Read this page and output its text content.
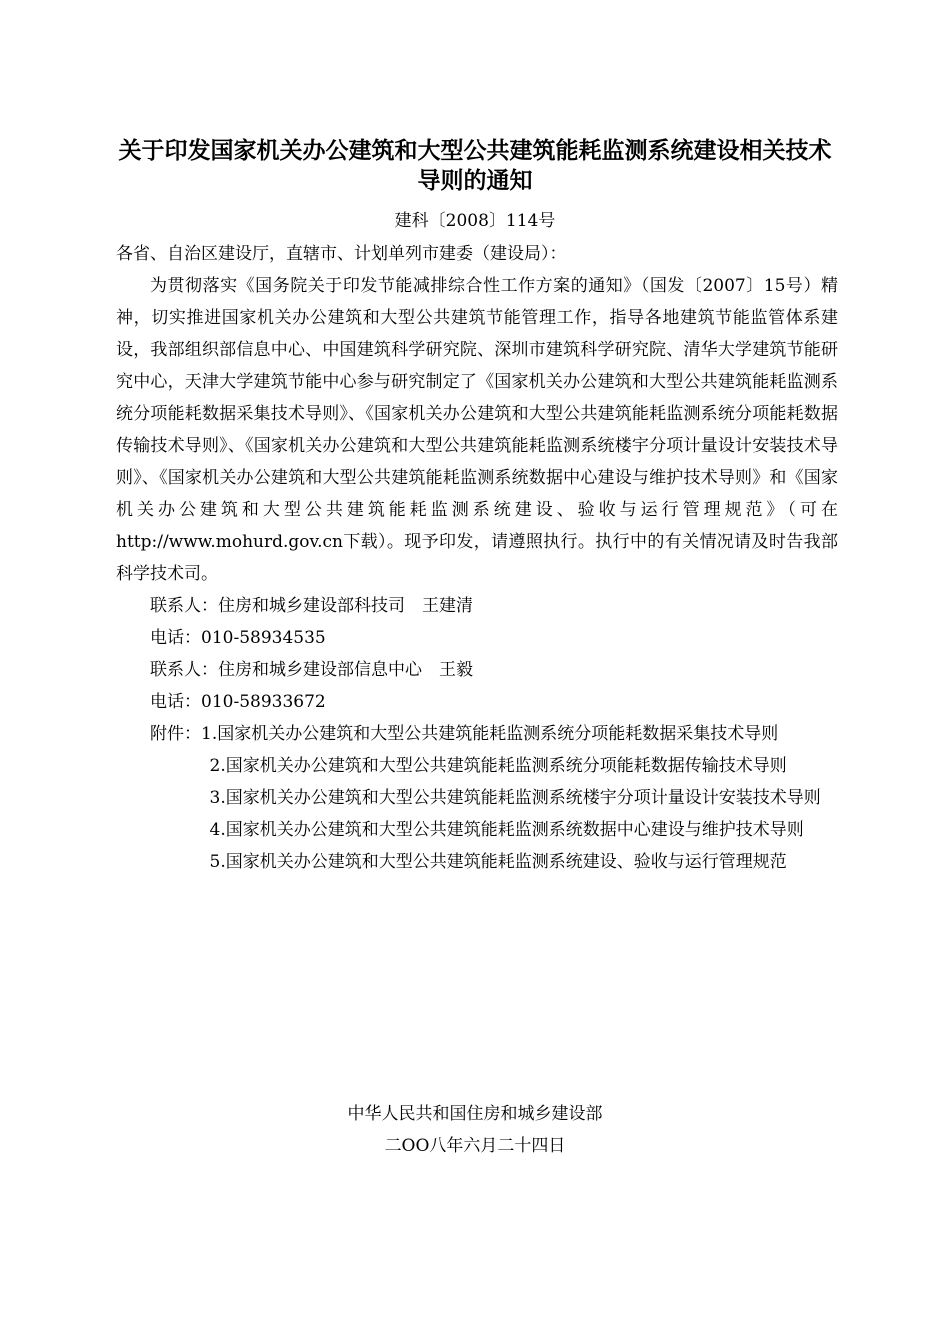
关于印发国家机关办公建筑和大型公共建筑能耗监测系统建设相关技术导则的通知
建科〔2008〕114号

各省、自治区建设厅，直辖市、计划单列市建委（建设局）：

为贯彻落实《国务院关于印发节能减排综合性工作方案的通知》（国发〔2007〕15号）精神，切实推进国家机关办公建筑和大型公共建筑节能管理工作，指导各地建筑节能监管体系建设，我部组织部信息中心、中国建筑科学研究院、深圳市建筑科学研究院、清华大学建筑节能研究中心，天津大学建筑节能中心参与研究制定了《国家机关办公建筑和大型公共建筑能耗监测系统分项能耗数据采集技术导则》、《国家机关办公建筑和大型公共建筑能耗监测系统分项能耗数据传输技术导则》、《国家机关办公建筑和大型公共建筑能耗监测系统楼宇分项计量设计安装技术导则》、《国家机关办公建筑和大型公共建筑能耗监测系统数据中心建设与维护技术导则》和《国家机关办公建筑和大型公共建筑能耗监测系统建设、验收与运行管理规范》（可在http://www.mohurd.gov.cn下载）。现予印发，请遵照执行。执行中的有关情况请及时告我部科学技术司。

联系人：住房和城乡建设部科技司　王建清

电话：010-58934535

联系人：住房和城乡建设部信息中心　王毅

电话：010-58933672

附件：1.国家机关办公建筑和大型公共建筑能耗监测系统分项能耗数据采集技术导则

2.国家机关办公建筑和大型公共建筑能耗监测系统分项能耗数据传输技术导则

3.国家机关办公建筑和大型公共建筑能耗监测系统楼宇分项计量设计安装技术导则

4.国家机关办公建筑和大型公共建筑能耗监测系统数据中心建设与维护技术导则

5.国家机关办公建筑和大型公共建筑能耗监测系统建设、验收与运行管理规范

中华人民共和国住房和城乡建设部

二OO八年六月二十四日
